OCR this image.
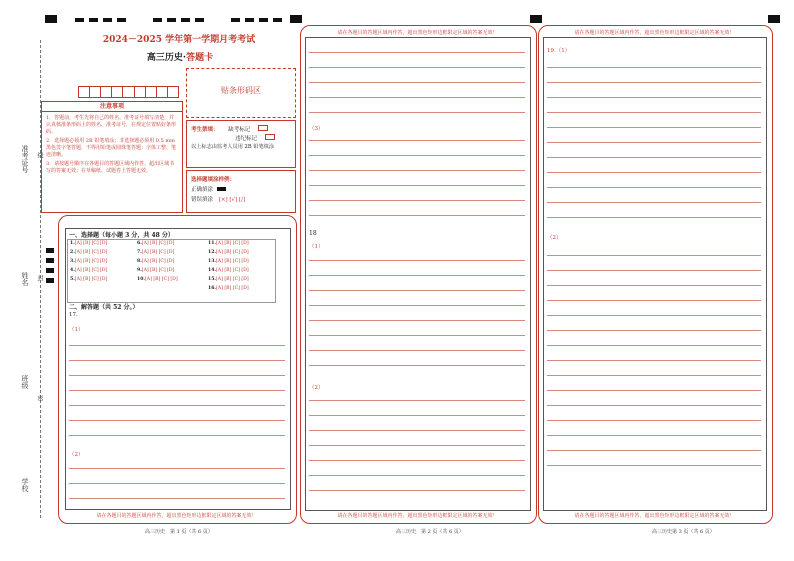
准考证号
姓名
班级
学校
线
封
密
2024－2025 学年第一学期月考考试
高三历史·答题卡
注意事项
1．答题前，考生先将自己的姓名、准考证号填写清楚，并认真核准条形码上的姓名、准考证号，在规定位置贴好条形码。
2．选择题必须用 2B 铅笔填涂；非选择题必须用 0.5 mm 黑色签字笔答题，不得用铅笔或圆珠笔答题；字体工整、笔迹清晰。
3．请按题号顺序在各题目的答题区域内作答，超出区域书写的答案无效；在草稿纸、试题卷上答题无效。
贴条形码区
考生禁填： 缺考标记
违纪标记
以上标志由监考人员用 2B 铅笔填涂
选择题填涂样例：
正确填涂
错误填涂 [×] [√] [/]
一、选择题（每小题 3 分，共 48 分）
1.[A] [B] [C] [D]
2.[A] [B] [C] [D]
3.[A] [B] [C] [D]
4.[A] [B] [C] [D]
5.[A] [B] [C] [D]
6.[A] [B] [C] [D]
7.[A] [B] [C] [D]
8.[A] [B] [C] [D]
9.[A] [B] [C] [D]
10.[A] [B] [C] [D]
11.[A] [B] [C] [D]
12.[A] [B] [C] [D]
13.[A] [B] [C] [D]
14.[A] [B] [C] [D]
15.[A] [B] [C] [D]
16.[A] [B] [C] [D]
二、解答题（共 52 分。）
17.
（1）
（2）
请在各题目的答题区域内作答，超出黑色矩形边框限定区域的答案无效！
高三历史　第 1 页（共 6 页）
请在各题目的答题区域内作答，超出黑色矩形边框限定区域的答案无效！
（3）
18
（1）
（2）
请在各题目的答题区域内作答，超出黑色矩形边框限定区域的答案无效！
高三历史　第 2 页（共 6 页）
请在各题目的答题区域内作答，超出黑色矩形边框限定区域的答案无效！
19.（1）
（2）
请在各题目的答题区域内作答，超出黑色矩形边框限定区域的答案无效！
高三历史第 3 页（共 6 页）
